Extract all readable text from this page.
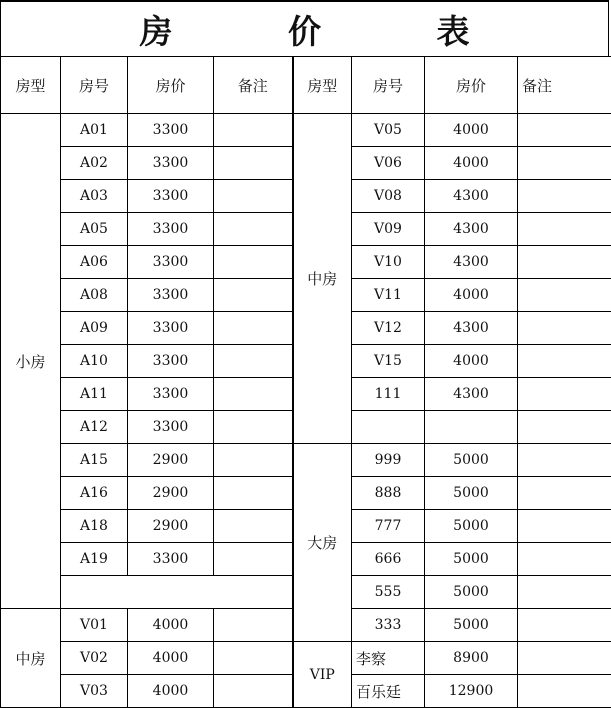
房 价 表
房型	房号	房价	备注	房型	房号	房价	备注
小房	A01	3300		中房	V05	4000	
	A02	3300			V06	4000	
	A03	3300			V08	4300	
	A05	3300			V09	4300	
	A06	3300			V10	4300	
	A08	3300			V11	4000	
	A09	3300			V12	4300	
	A10	3300			V15	4000	
	A11	3300			111	4300	
	A12	3300					
	A15	2900		大房	999	5000	
	A16	2900			888	5000	
	A18	2900			777	5000	
	A19	3300			666	5000	
					555	5000	
中房	V01	4000			333	5000	
	V02	4000		VIP	李察	8900	
	V03	4000			百乐廷	12900	
